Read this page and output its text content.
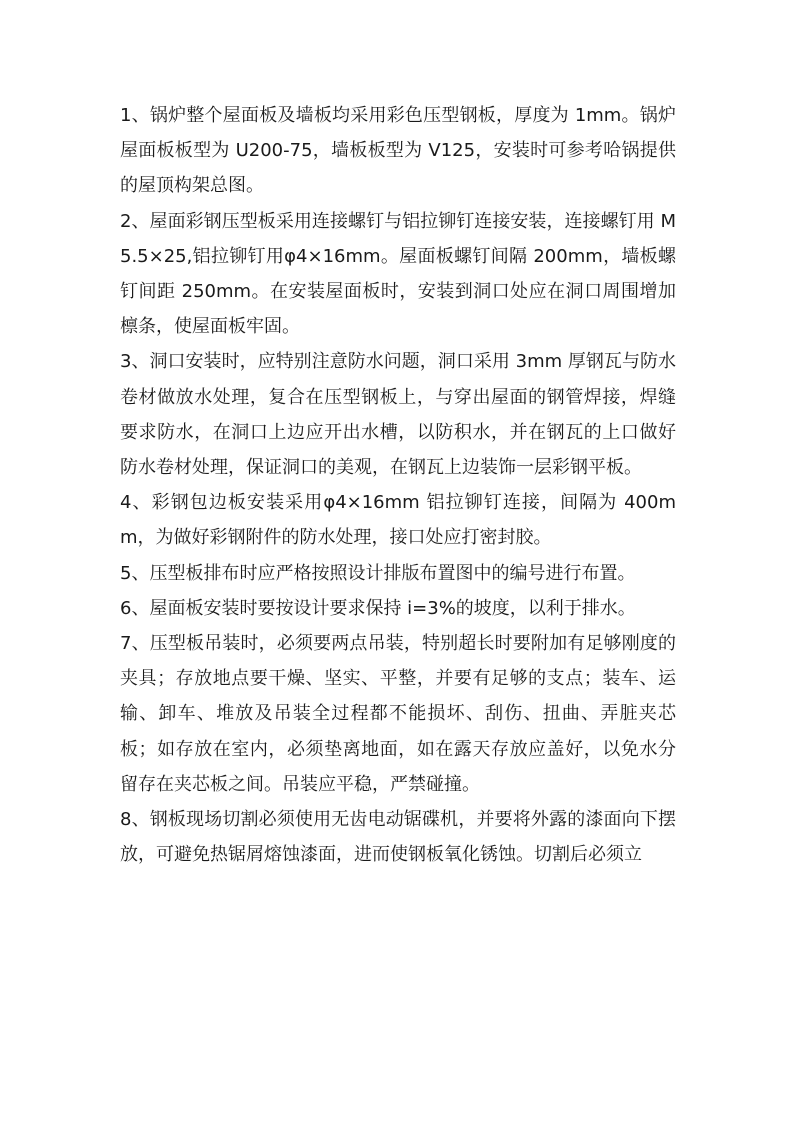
1、锅炉整个屋面板及墙板均采用彩色压型钢板，厚度为 1mm。锅炉屋面板板型为 U200-75，墙板板型为 V125，安装时可参考哈锅提供的屋顶构架总图。

2、屋面彩钢压型板采用连接螺钉与铝拉铆钉连接安装，连接螺钉用 M5.5×25,铝拉铆钉用φ4×16mm。屋面板螺钉间隔 200mm，墙板螺钉间距 250mm。在安装屋面板时，安装到洞口处应在洞口周围增加檩条，使屋面板牢固。

3、洞口安装时，应特别注意防水问题，洞口采用 3mm 厚钢瓦与防水卷材做放水处理，复合在压型钢板上，与穿出屋面的钢管焊接，焊缝要求防水，在洞口上边应开出水槽，以防积水，并在钢瓦的上口做好防水卷材处理，保证洞口的美观，在钢瓦上边装饰一层彩钢平板。

4、彩钢包边板安装采用φ4×16mm 铝拉铆钉连接，间隔为 400mm，为做好彩钢附件的防水处理，接口处应打密封胶。

5、压型板排布时应严格按照设计排版布置图中的编号进行布置。

6、屋面板安装时要按设计要求保持 i=3%的坡度，以利于排水。

7、压型板吊装时，必须要两点吊装，特别超长时要附加有足够刚度的夹具；存放地点要干燥、坚实、平整，并要有足够的支点；装车、运输、卸车、堆放及吊装全过程都不能损坏、刮伤、扭曲、弄脏夹芯板；如存放在室内，必须垫离地面，如在露天存放应盖好，以免水分留存在夹芯板之间。吊装应平稳，严禁碰撞。

8、钢板现场切割必须使用无齿电动锯碟机，并要将外露的漆面向下摆放，可避免热锯屑熔蚀漆面，进而使钢板氧化锈蚀。切割后必须立
